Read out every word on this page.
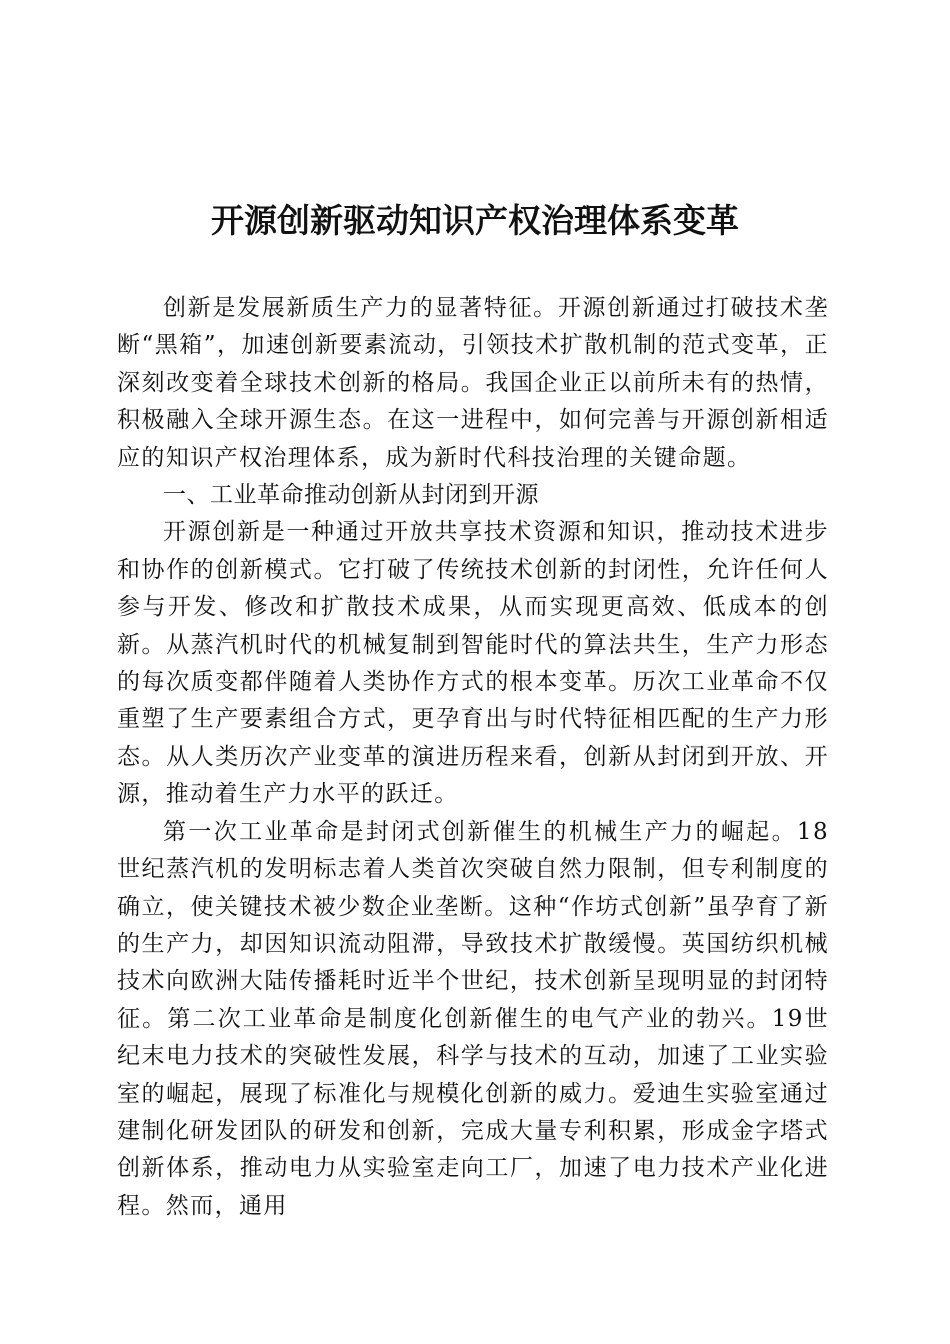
开源创新驱动知识产权治理体系变革

创新是发展新质生产力的显著特征。开源创新通过打破技术垄断“黑箱”，加速创新要素流动，引领技术扩散机制的范式变革，正深刻改变着全球技术创新的格局。我国企业正以前所未有的热情，积极融入全球开源生态。在这一进程中，如何完善与开源创新相适应的知识产权治理体系，成为新时代科技治理的关键命题。

一、工业革命推动创新从封闭到开源

开源创新是一种通过开放共享技术资源和知识，推动技术进步和协作的创新模式。它打破了传统技术创新的封闭性，允许任何人参与开发、修改和扩散技术成果，从而实现更高效、低成本的创新。从蒸汽机时代的机械复制到智能时代的算法共生，生产力形态的每次质变都伴随着人类协作方式的根本变革。历次工业革命不仅重塑了生产要素组合方式，更孕育出与时代特征相匹配的生产力形态。从人类历次产业变革的演进历程来看，创新从封闭到开放、开源，推动着生产力水平的跃迁。

第一次工业革命是封闭式创新催生的机械生产力的崛起。18世纪蒸汽机的发明标志着人类首次突破自然力限制，但专利制度的确立，使关键技术被少数企业垄断。这种“作坊式创新”虽孕育了新的生产力，却因知识流动阻滞，导致技术扩散缓慢。英国纺织机械技术向欧洲大陆传播耗时近半个世纪，技术创新呈现明显的封闭特征。第二次工业革命是制度化创新催生的电气产业的勃兴。19世纪末电力技术的突破性发展，科学与技术的互动，加速了工业实验室的崛起，展现了标准化与规模化创新的威力。爱迪生实验室通过建制化研发团队的研发和创新，完成大量专利积累，形成金字塔式创新体系，推动电力从实验室走向工厂，加速了电力技术产业化进程。然而，通用
